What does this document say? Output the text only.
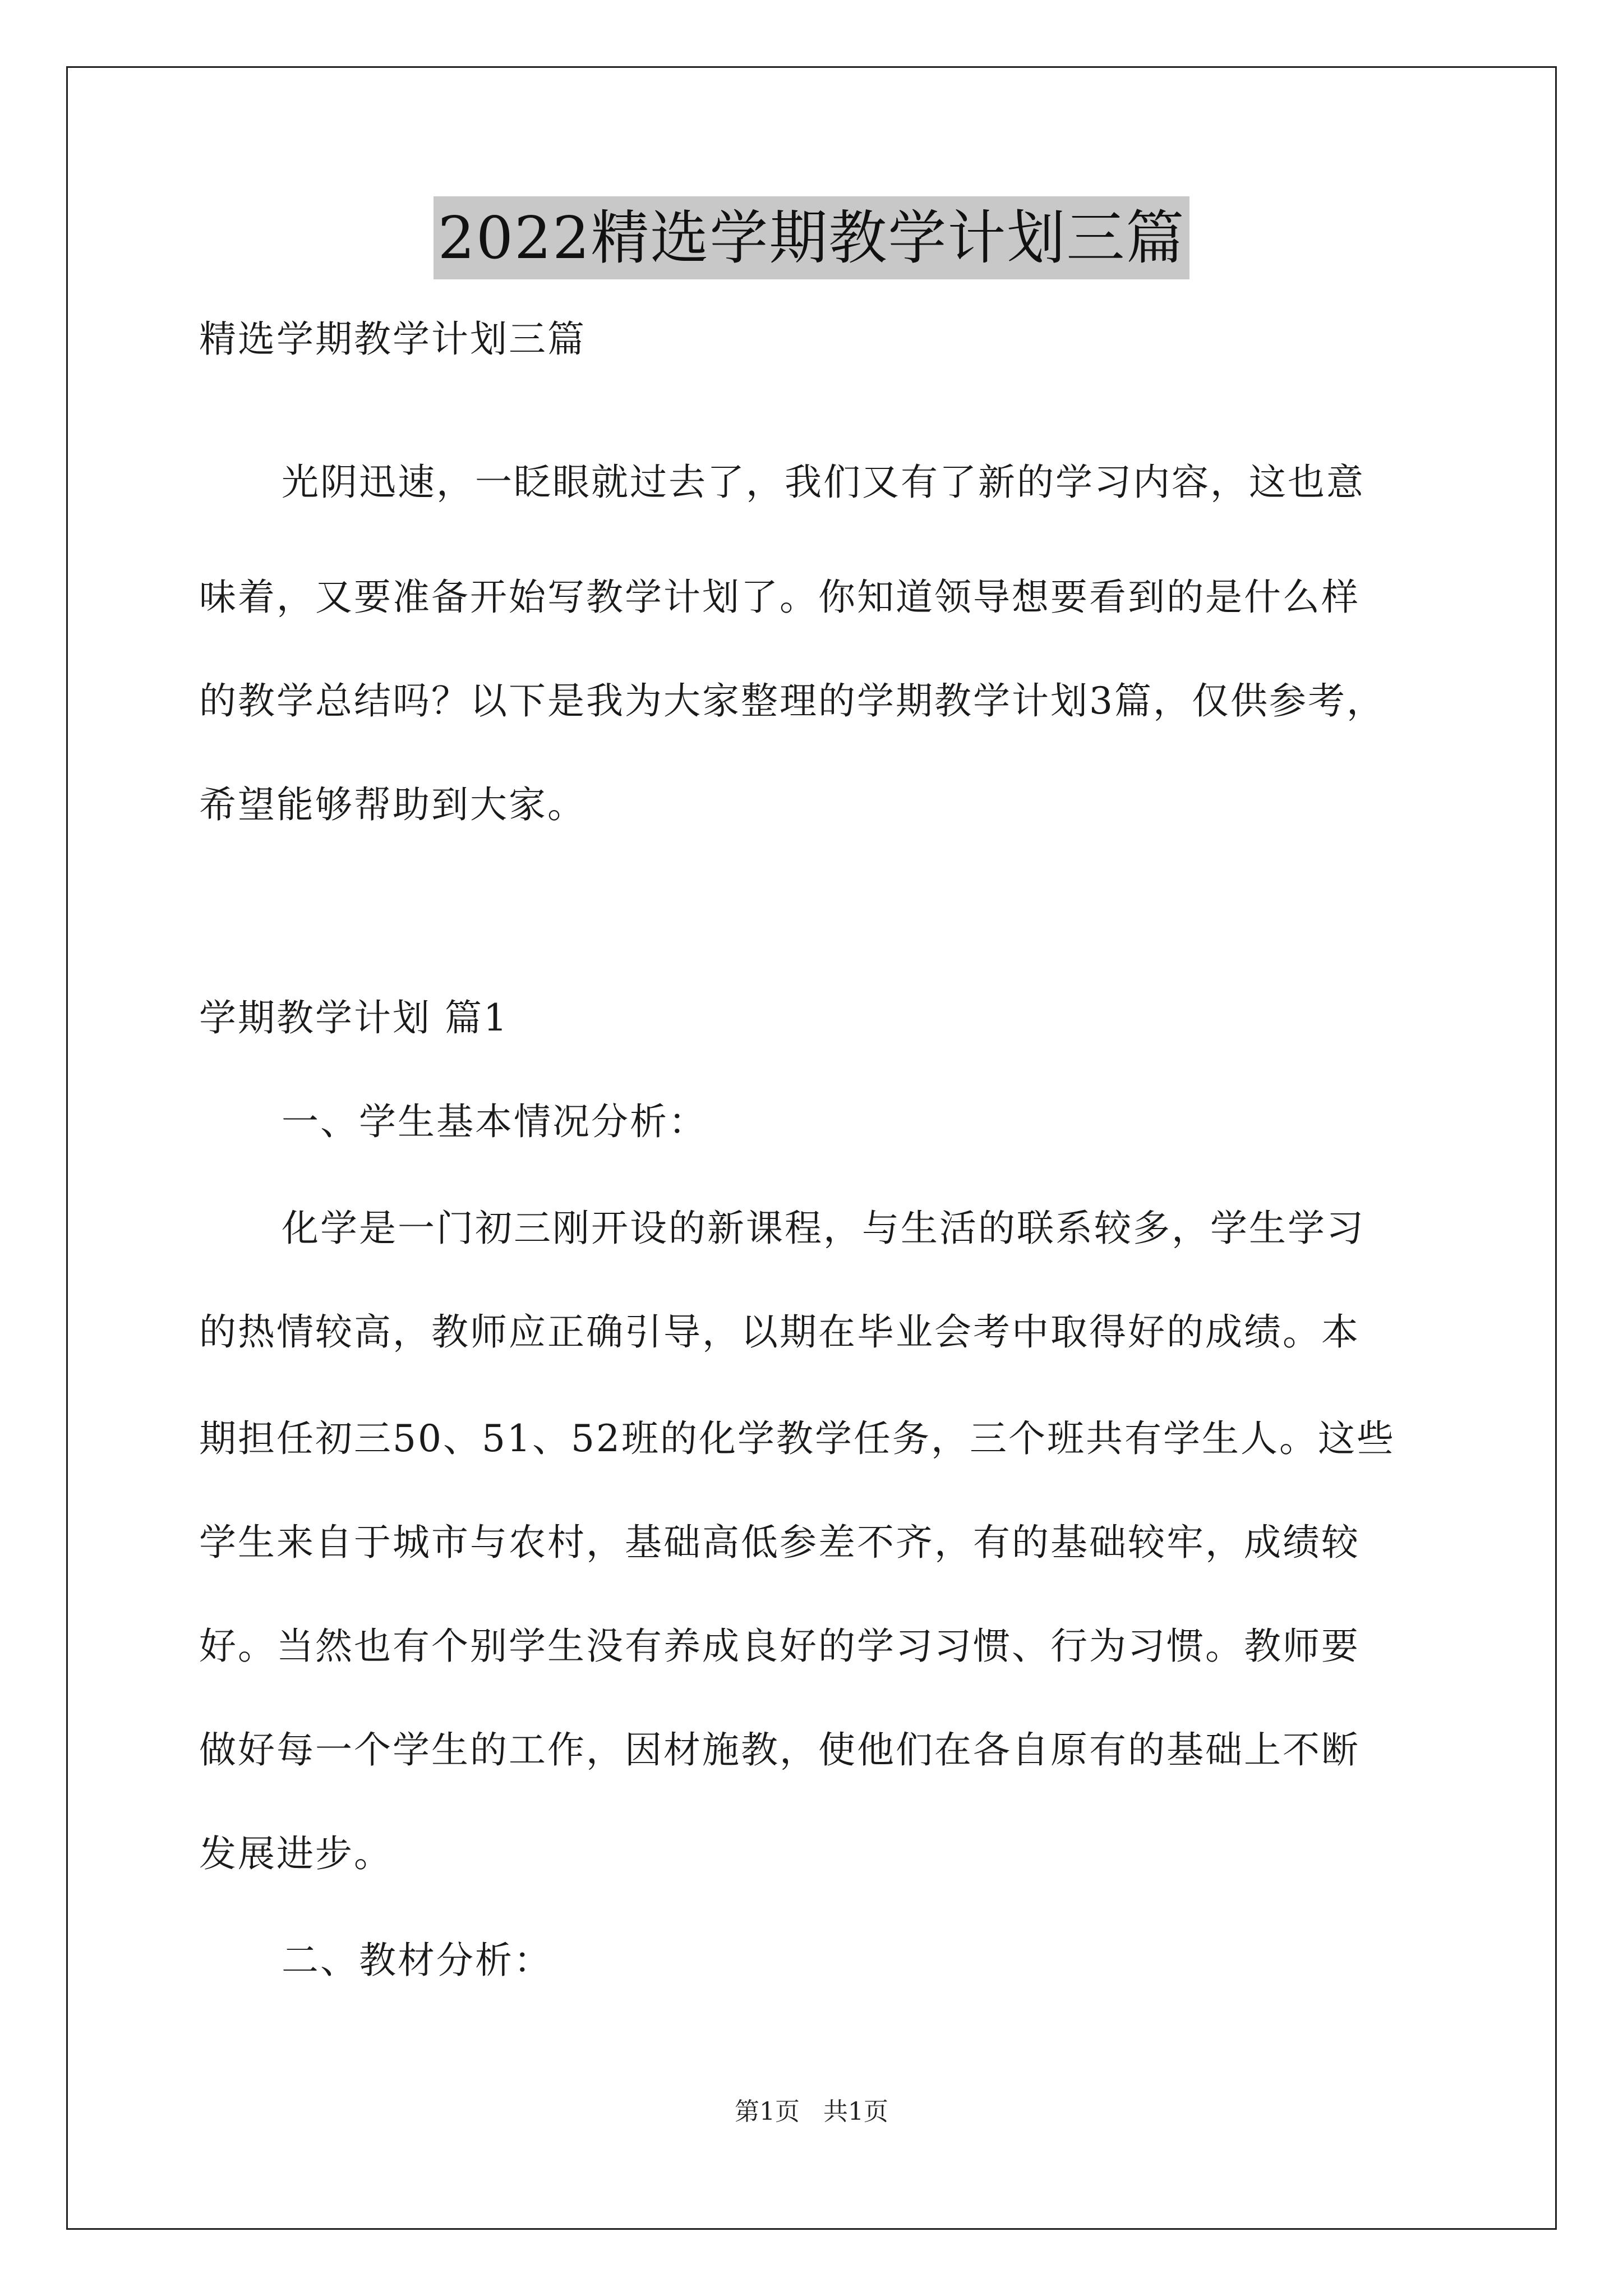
2022精选学期教学计划三篇
精选学期教学计划三篇
光阴迅速，一眨眼就过去了，我们又有了新的学习内容，这也意
味着，又要准备开始写教学计划了。你知道领导想要看到的是什么样
的教学总结吗？以下是我为大家整理的学期教学计划3篇，仅供参考，
希望能够帮助到大家。
学期教学计划 篇1
一、学生基本情况分析：
化学是一门初三刚开设的新课程，与生活的联系较多，学生学习
的热情较高，教师应正确引导，以期在毕业会考中取得好的成绩。本
期担任初三50、51、52班的化学教学任务，三个班共有学生人。这些
学生来自于城市与农村，基础高低参差不齐，有的基础较牢，成绩较
好。当然也有个别学生没有养成良好的学习习惯、行为习惯。教师要
做好每一个学生的工作，因材施教，使他们在各自原有的基础上不断
发展进步。
二、教材分析：
第1页   共1页
